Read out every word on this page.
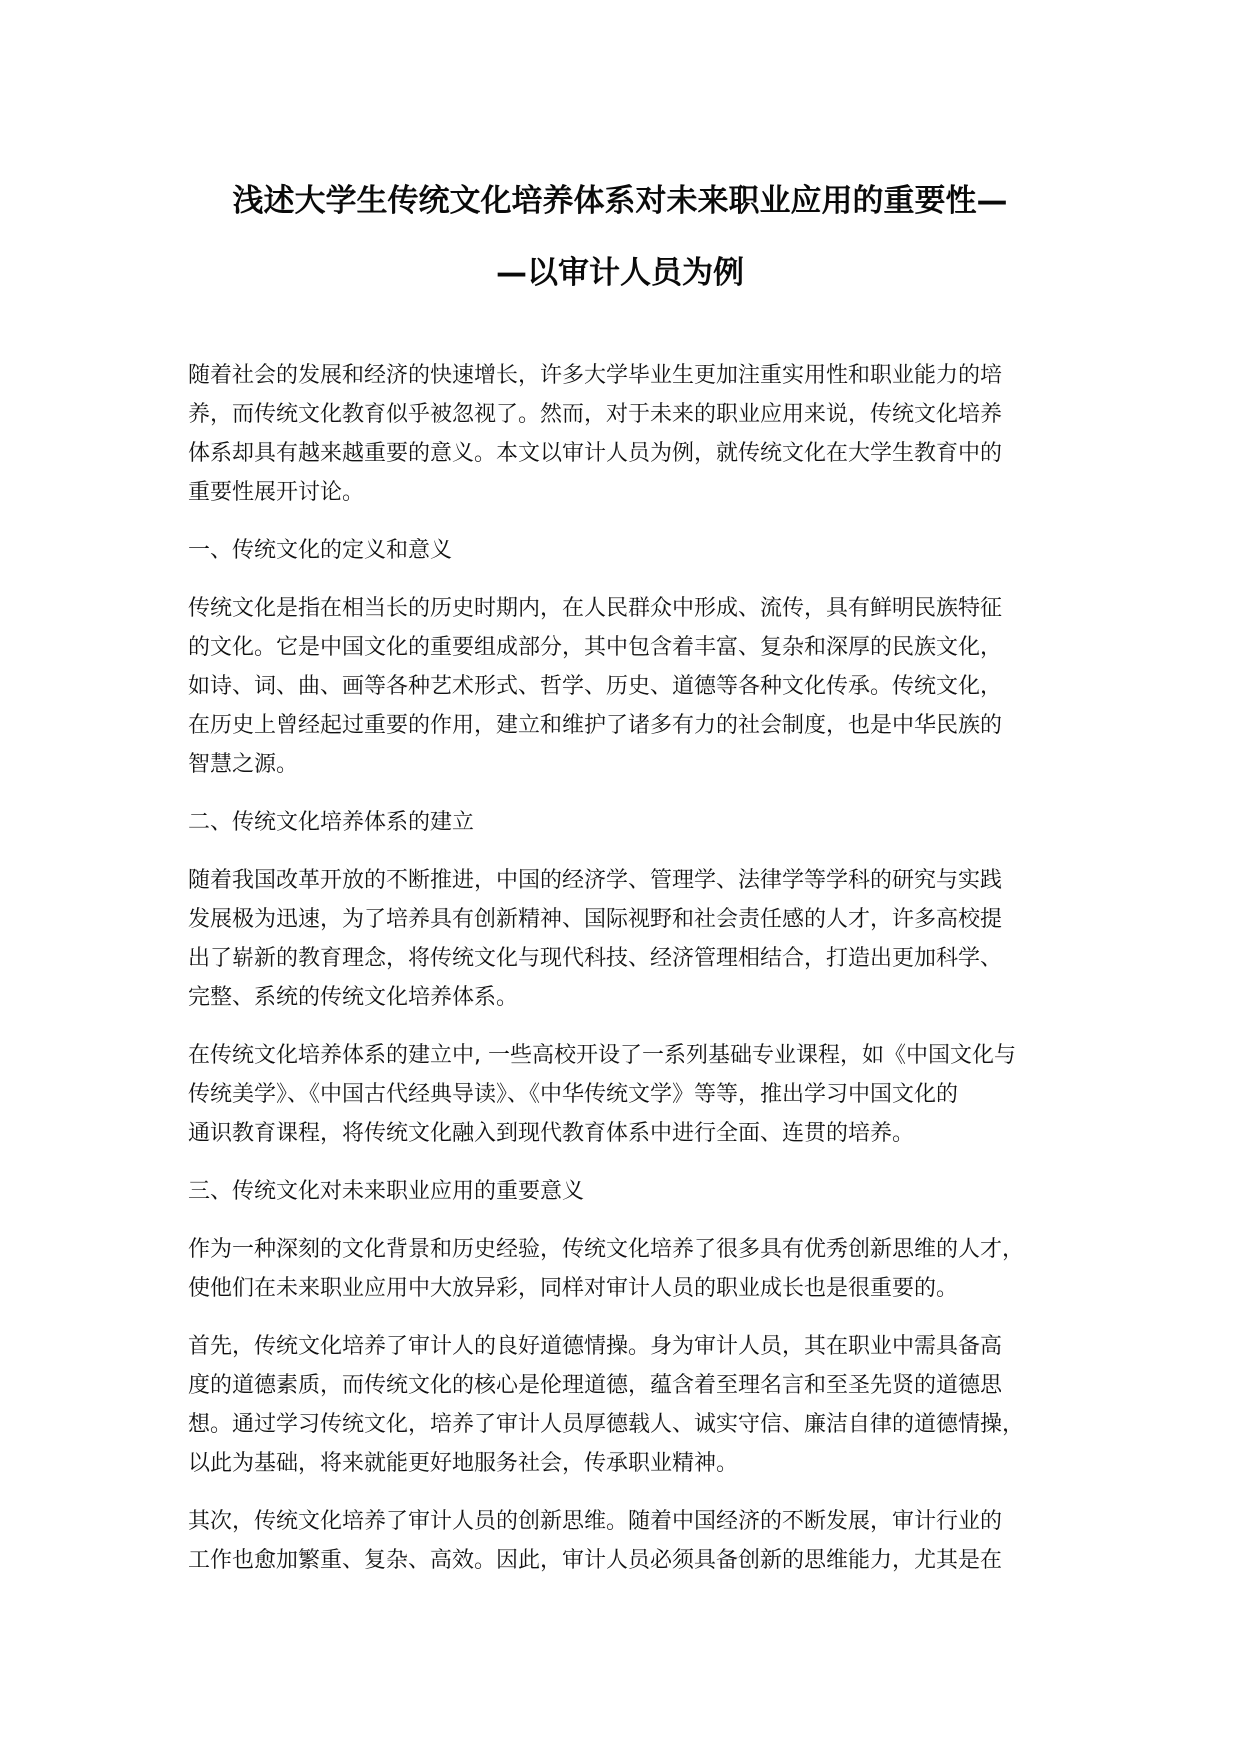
浅述大学生传统文化培养体系对未来职业应用的重要性—
—以审计人员为例
随着社会的发展和经济的快速增长，许多大学毕业生更加注重实用性和职业能力的培
养，而传统文化教育似乎被忽视了。然而，对于未来的职业应用来说，传统文化培养
体系却具有越来越重要的意义。本文以审计人员为例，就传统文化在大学生教育中的
重要性展开讨论。
一、传统文化的定义和意义
传统文化是指在相当长的历史时期内，在人民群众中形成、流传，具有鲜明民族特征
的文化。它是中国文化的重要组成部分，其中包含着丰富、复杂和深厚的民族文化，
如诗、词、曲、画等各种艺术形式、哲学、历史、道德等各种文化传承。传统文化，
在历史上曾经起过重要的作用，建立和维护了诸多有力的社会制度，也是中华民族的
智慧之源。
二、传统文化培养体系的建立
随着我国改革开放的不断推进，中国的经济学、管理学、法律学等学科的研究与实践
发展极为迅速，为了培养具有创新精神、国际视野和社会责任感的人才，许多高校提
出了崭新的教育理念，将传统文化与现代科技、经济管理相结合，打造出更加科学、
完整、系统的传统文化培养体系。
在传统文化培养体系的建立中, 一些高校开设了一系列基础专业课程，如《中国文化与
传统美学》、《中国古代经典导读》、《中华传统文学》等等，推出学习中国文化的
通识教育课程，将传统文化融入到现代教育体系中进行全面、连贯的培养。
三、传统文化对未来职业应用的重要意义
作为一种深刻的文化背景和历史经验，传统文化培养了很多具有优秀创新思维的人才，
使他们在未来职业应用中大放异彩，同样对审计人员的职业成长也是很重要的。
首先，传统文化培养了审计人的良好道德情操。身为审计人员，其在职业中需具备高
度的道德素质，而传统文化的核心是伦理道德，蕴含着至理名言和至圣先贤的道德思
想。通过学习传统文化，培养了审计人员厚德载人、诚实守信、廉洁自律的道德情操，
以此为基础，将来就能更好地服务社会，传承职业精神。
其次，传统文化培养了审计人员的创新思维。随着中国经济的不断发展，审计行业的
工作也愈加繁重、复杂、高效。因此，审计人员必须具备创新的思维能力，尤其是在
